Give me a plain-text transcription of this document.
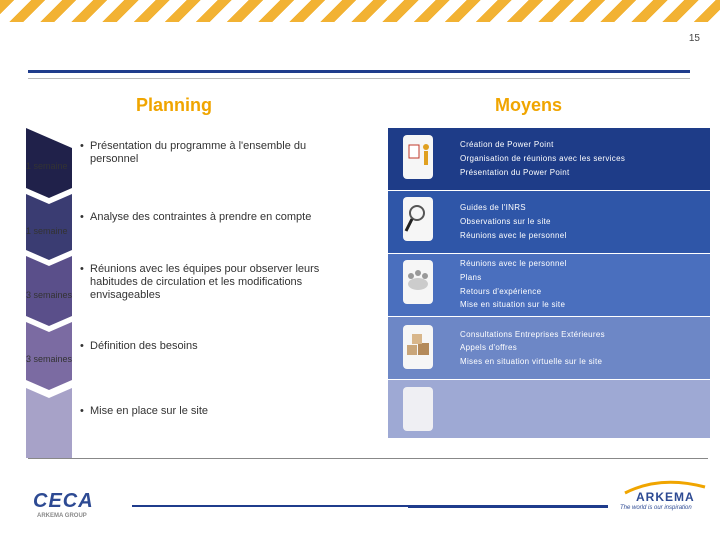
15
Planning	Moyens
1 semaine
1 semaine
3 semaines
3 semaines
• Présentation du programme à l'ensemble du personnel
• Analyse des contraintes à prendre en compte
• Réunions avec les équipes pour observer leurs habitudes de circulation et les modifications envisageables
• Définition des besoins
• Mise en place sur le site
Création de Power Point
Organisation de réunions avec les services
Présentation du Power Point
Guides de l'INRS
Observations sur le site
Réunions avec le personnel
Réunions avec le personnel
Plans
Retours d'expérience
Mise en situation sur le site
Consultations Entreprises Extérieures
Appels d'offres
Mises en situation virtuelle sur le site
CECA
ARKEMA GROUP
ARKEMA
The world is our inspiration
